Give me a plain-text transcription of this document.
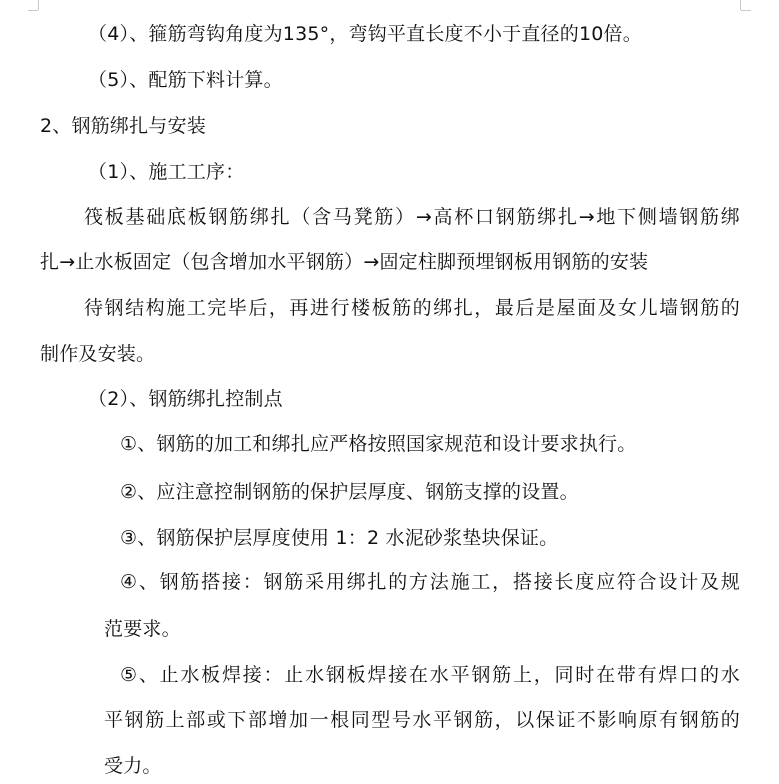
（4）、箍筋弯钩角度为135°，弯钩平直长度不小于直径的10倍。
（5）、配筋下料计算。
2、钢筋绑扎与安装
（1）、施工工序：
筏板基础底板钢筋绑扎（含马凳筋）→高杯口钢筋绑扎→地下侧墙钢筋绑
扎→止水板固定（包含增加水平钢筋）→固定柱脚预埋钢板用钢筋的安装
待钢结构施工完毕后，再进行楼板筋的绑扎，最后是屋面及女儿墙钢筋的
制作及安装。
（2）、钢筋绑扎控制点
①、钢筋的加工和绑扎应严格按照国家规范和设计要求执行。
②、应注意控制钢筋的保护层厚度、钢筋支撑的设置。
③、钢筋保护层厚度使用 1：2 水泥砂浆垫块保证。
④、钢筋搭接：钢筋采用绑扎的方法施工，搭接长度应符合设计及规
范要求。
⑤、止水板焊接：止水钢板焊接在水平钢筋上，同时在带有焊口的水
平钢筋上部或下部增加一根同型号水平钢筋，以保证不影响原有钢筋的
受力。
